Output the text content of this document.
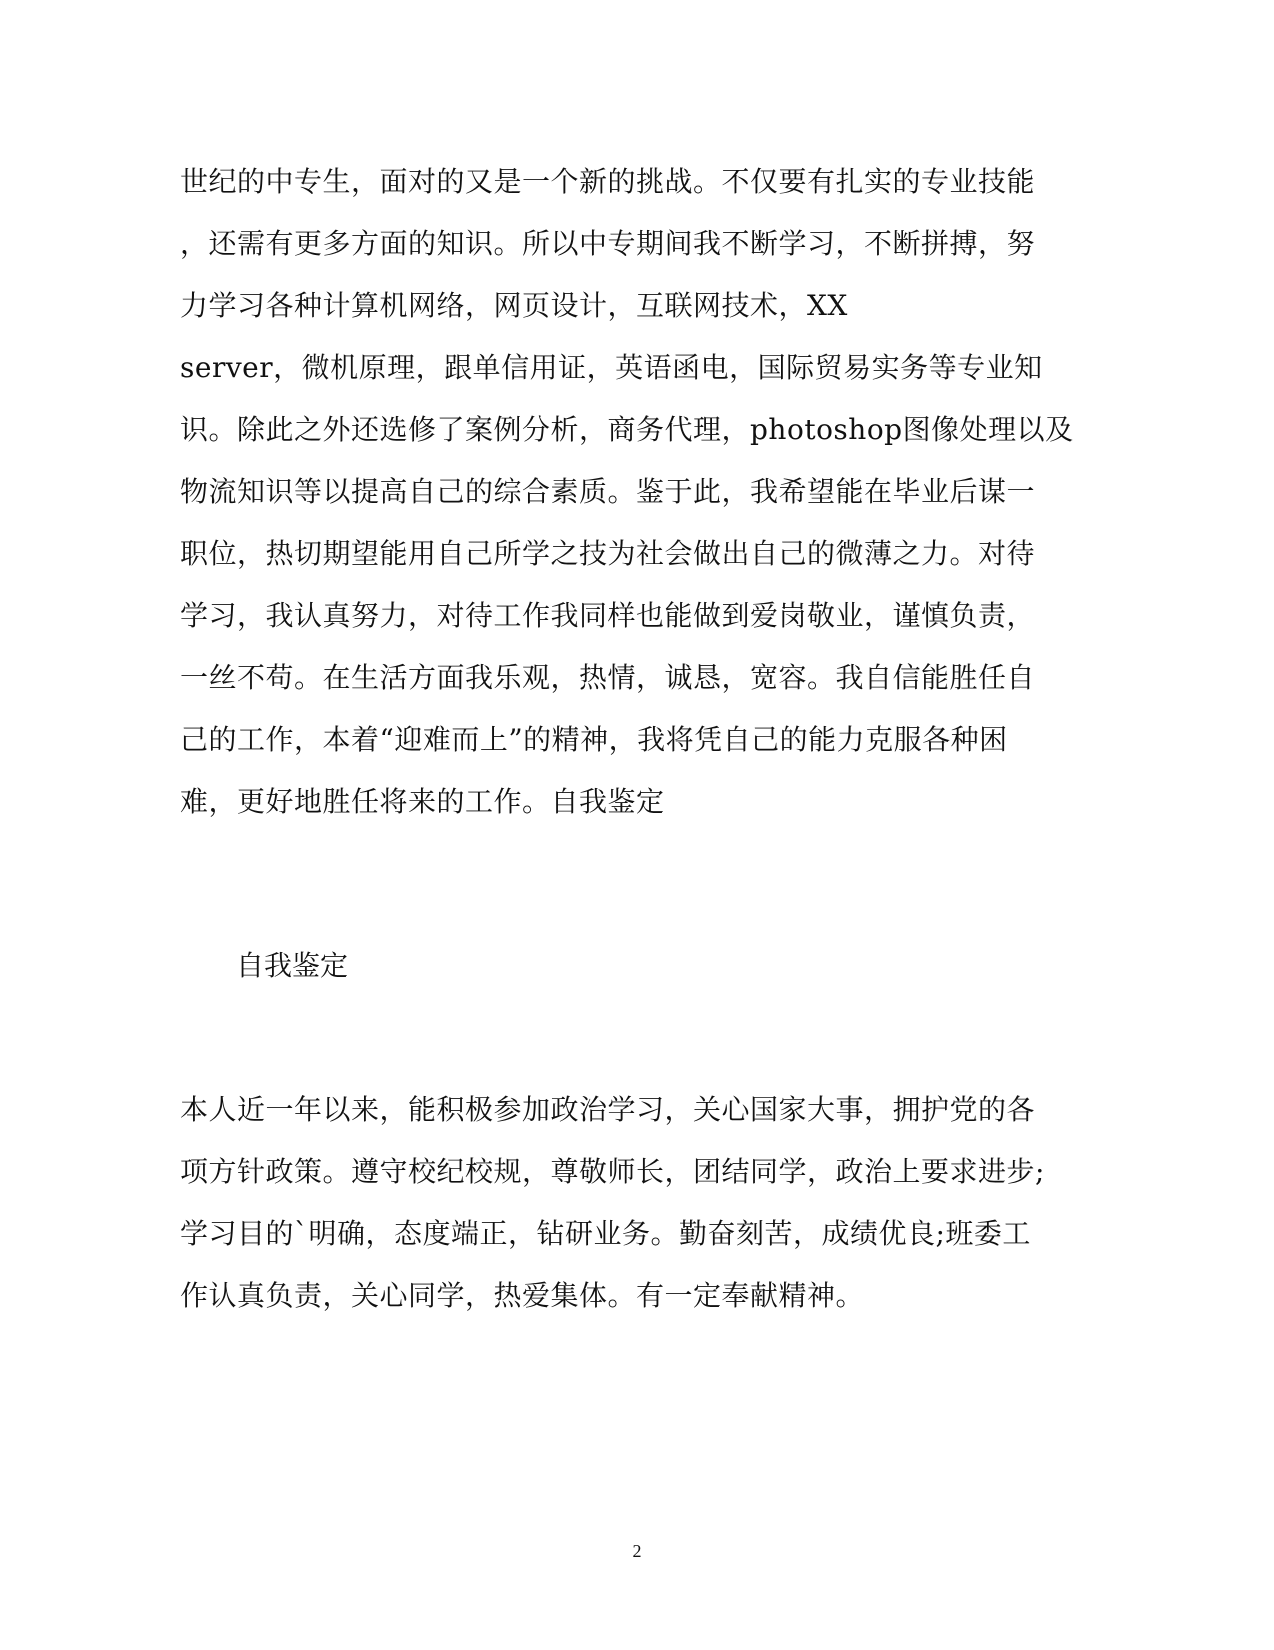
世纪的中专生，面对的又是一个新的挑战。不仅要有扎实的专业技能
，还需有更多方面的知识。所以中专期间我不断学习，不断拼搏，努
力学习各种计算机网络，网页设计，互联网技术，XX
server，微机原理，跟单信用证，英语函电，国际贸易实务等专业知
识。除此之外还选修了案例分析，商务代理，photoshop图像处理以及
物流知识等以提高自己的综合素质。鉴于此，我希望能在毕业后谋一
职位，热切期望能用自己所学之技为社会做出自己的微薄之力。对待
学习，我认真努力，对待工作我同样也能做到爱岗敬业，谨慎负责，
一丝不苟。在生活方面我乐观，热情，诚恳，宽容。我自信能胜任自
己的工作，本着“迎难而上”的精神，我将凭自己的能力克服各种困
难，更好地胜任将来的工作。自我鉴定
自我鉴定
本人近一年以来，能积极参加政治学习，关心国家大事，拥护党的各
项方针政策。遵守校纪校规，尊敬师长，团结同学，政治上要求进步;
学习目的`明确，态度端正，钻研业务。勤奋刻苦，成绩优良;班委工
作认真负责，关心同学，热爱集体。有一定奉献精神。
2
